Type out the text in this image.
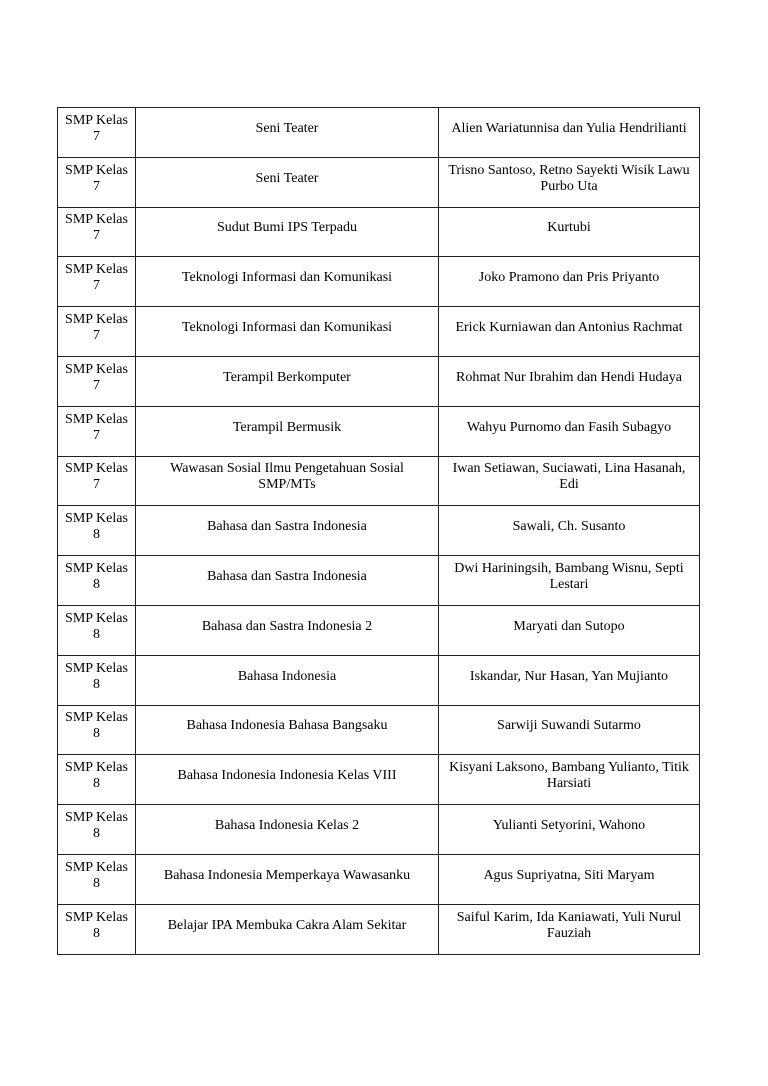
SMP Kelas 7	Seni Teater	Alien Wariatunnisa dan Yulia Hendrilianti
SMP Kelas 7	Seni Teater	Trisno Santoso, Retno Sayekti Wisik Lawu Purbo Uta
SMP Kelas 7	Sudut Bumi IPS Terpadu	Kurtubi
SMP Kelas 7	Teknologi Informasi dan Komunikasi	Joko Pramono dan Pris Priyanto
SMP Kelas 7	Teknologi Informasi dan Komunikasi	Erick Kurniawan dan Antonius Rachmat
SMP Kelas 7	Terampil Berkomputer	Rohmat Nur Ibrahim dan Hendi Hudaya
SMP Kelas 7	Terampil Bermusik	Wahyu Purnomo dan Fasih Subagyo
SMP Kelas 7	Wawasan Sosial Ilmu Pengetahuan Sosial SMP/MTs	Iwan Setiawan, Suciawati, Lina Hasanah, Edi
SMP Kelas 8	Bahasa dan Sastra Indonesia	Sawali, Ch. Susanto
SMP Kelas 8	Bahasa dan Sastra Indonesia	Dwi Hariningsih, Bambang Wisnu, Septi Lestari
SMP Kelas 8	Bahasa dan Sastra Indonesia 2	Maryati dan Sutopo
SMP Kelas 8	Bahasa Indonesia	Iskandar, Nur Hasan, Yan Mujianto
SMP Kelas 8	Bahasa Indonesia Bahasa Bangsaku	Sarwiji Suwandi Sutarmo
SMP Kelas 8	Bahasa Indonesia Indonesia Kelas VIII	Kisyani Laksono, Bambang Yulianto, Titik Harsiati
SMP Kelas 8	Bahasa Indonesia Kelas 2	Yulianti Setyorini, Wahono
SMP Kelas 8	Bahasa Indonesia Memperkaya Wawasanku	Agus Supriyatna, Siti Maryam
SMP Kelas 8	Belajar IPA Membuka Cakra Alam Sekitar	Saiful Karim, Ida Kaniawati, Yuli Nurul Fauziah
